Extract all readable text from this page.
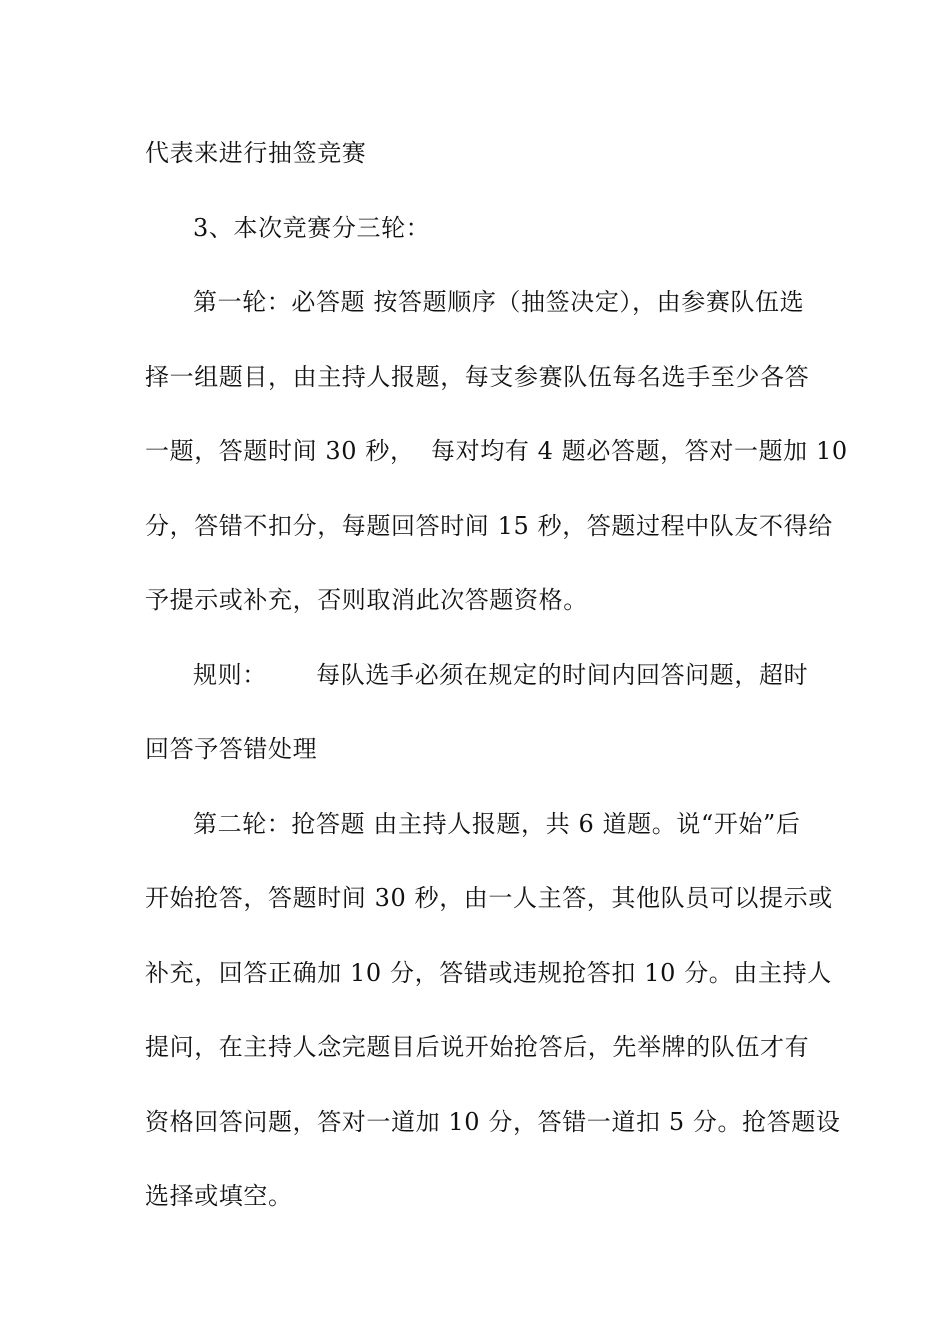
代表来进行抽签竞赛
3、本次竞赛分三轮：
第一轮：必答题 按答题顺序（抽签决定），由参赛队伍选
择一组题目，由主持人报题，每支参赛队伍每名选手至少各答
一题，答题时间 30 秒，  每对均有 4 题必答题，答对一题加 10
分，答错不扣分，每题回答时间 15 秒，答题过程中队友不得给
予提示或补充，否则取消此次答题资格。
规则：      每队选手必须在规定的时间内回答问题，超时
回答予答错处理
第二轮：抢答题 由主持人报题，共 6 道题。说“开始”后
开始抢答，答题时间 30 秒，由一人主答，其他队员可以提示或
补充，回答正确加 10 分，答错或违规抢答扣 10 分。由主持人
提问，在主持人念完题目后说开始抢答后，先举牌的队伍才有
资格回答问题，答对一道加 10 分，答错一道扣 5 分。抢答题设
选择或填空。
